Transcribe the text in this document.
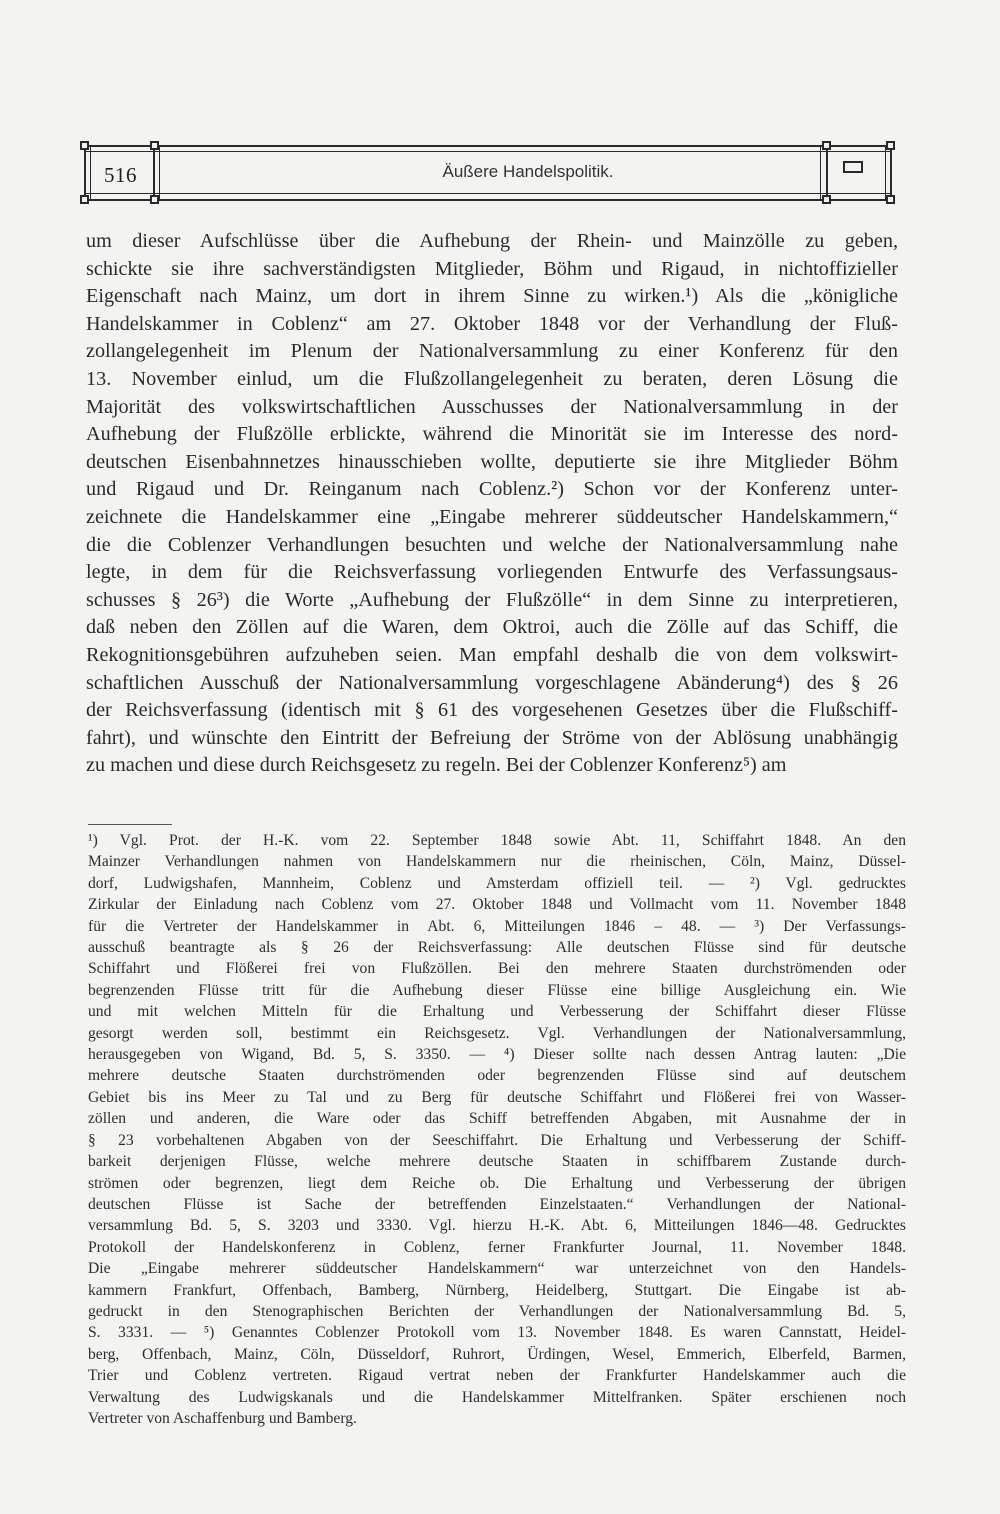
516	Äußere Handelspolitik.
um dieser Aufschlüsse über die Aufhebung der Rhein- und Mainzölle zu geben,
schickte sie ihre sachverständigsten Mitglieder, Böhm und Rigaud, in nichtoffizieller
Eigenschaft nach Mainz, um dort in ihrem Sinne zu wirken.¹) Als die „königliche
Handelskammer in Coblenz“ am 27. Oktober 1848 vor der Verhandlung der Fluß-
zollangelegenheit im Plenum der Nationalversammlung zu einer Konferenz für den
13. November einlud, um die Flußzollangelegenheit zu beraten, deren Lösung die
Majorität des volkswirtschaftlichen Ausschusses der Nationalversammlung in der
Aufhebung der Flußzölle erblickte, während die Minorität sie im Interesse des nord-
deutschen Eisenbahnnetzes hinausschieben wollte, deputierte sie ihre Mitglieder Böhm
und Rigaud und Dr. Reinganum nach Coblenz.²) Schon vor der Konferenz unter-
zeichnete die Handelskammer eine „Eingabe mehrerer süddeutscher Handelskammern,“
die die Coblenzer Verhandlungen besuchten und welche der Nationalversammlung nahe
legte, in dem für die Reichsverfassung vorliegenden Entwurfe des Verfassungsaus-
schusses § 26³) die Worte „Aufhebung der Flußzölle“ in dem Sinne zu interpretieren,
daß neben den Zöllen auf die Waren, dem Oktroi, auch die Zölle auf das Schiff, die
Rekognitionsgebühren aufzuheben seien. Man empfahl deshalb die von dem volkswirt-
schaftlichen Ausschuß der Nationalversammlung vorgeschlagene Abänderung⁴) des § 26
der Reichsverfassung (identisch mit § 61 des vorgesehenen Gesetzes über die Flußschiff-
fahrt), und wünschte den Eintritt der Befreiung der Ströme von der Ablösung unabhängig
zu machen und diese durch Reichsgesetz zu regeln. Bei der Coblenzer Konferenz⁵) am
¹) Vgl. Prot. der H.-K. vom 22. September 1848 sowie Abt. 11, Schiffahrt 1848. An den
Mainzer Verhandlungen nahmen von Handelskammern nur die rheinischen, Cöln, Mainz, Düssel-
dorf, Ludwigshafen, Mannheim, Coblenz und Amsterdam offiziell teil. — ²) Vgl. gedrucktes
Zirkular der Einladung nach Coblenz vom 27. Oktober 1848 und Vollmacht vom 11. November 1848
für die Vertreter der Handelskammer in Abt. 6, Mitteilungen 1846 – 48. — ³) Der Verfassungs-
ausschuß beantragte als § 26 der Reichsverfassung: Alle deutschen Flüsse sind für deutsche
Schiffahrt und Flößerei frei von Flußzöllen. Bei den mehrere Staaten durchströmenden oder
begrenzenden Flüsse tritt für die Aufhebung dieser Flüsse eine billige Ausgleichung ein. Wie
und mit welchen Mitteln für die Erhaltung und Verbesserung der Schiffahrt dieser Flüsse
gesorgt werden soll, bestimmt ein Reichsgesetz. Vgl. Verhandlungen der Nationalversammlung,
herausgegeben von Wigand, Bd. 5, S. 3350. — ⁴) Dieser sollte nach dessen Antrag lauten: „Die
mehrere deutsche Staaten durchströmenden oder begrenzenden Flüsse sind auf deutschem
Gebiet bis ins Meer zu Tal und zu Berg für deutsche Schiffahrt und Flößerei frei von Wasser-
zöllen und anderen, die Ware oder das Schiff betreffenden Abgaben, mit Ausnahme der in
§ 23 vorbehaltenen Abgaben von der Seeschiffahrt. Die Erhaltung und Verbesserung der Schiff-
barkeit derjenigen Flüsse, welche mehrere deutsche Staaten in schiffbarem Zustande durch-
strömen oder begrenzen, liegt dem Reiche ob. Die Erhaltung und Verbesserung der übrigen
deutschen Flüsse ist Sache der betreffenden Einzelstaaten.“ Verhandlungen der National-
versammlung Bd. 5, S. 3203 und 3330. Vgl. hierzu H.-K. Abt. 6, Mitteilungen 1846—48. Gedrucktes
Protokoll der Handelskonferenz in Coblenz, ferner Frankfurter Journal, 11. November 1848.
Die „Eingabe mehrerer süddeutscher Handelskammern“ war unterzeichnet von den Handels-
kammern Frankfurt, Offenbach, Bamberg, Nürnberg, Heidelberg, Stuttgart. Die Eingabe ist ab-
gedruckt in den Stenographischen Berichten der Verhandlungen der Nationalversammlung Bd. 5,
S. 3331. — ⁵) Genanntes Coblenzer Protokoll vom 13. November 1848. Es waren Cannstatt, Heidel-
berg, Offenbach, Mainz, Cöln, Düsseldorf, Ruhrort, Ürdingen, Wesel, Emmerich, Elberfeld, Barmen,
Trier und Coblenz vertreten. Rigaud vertrat neben der Frankfurter Handelskammer auch die
Verwaltung des Ludwigskanals und die Handelskammer Mittelfranken. Später erschienen noch
Vertreter von Aschaffenburg und Bamberg.
